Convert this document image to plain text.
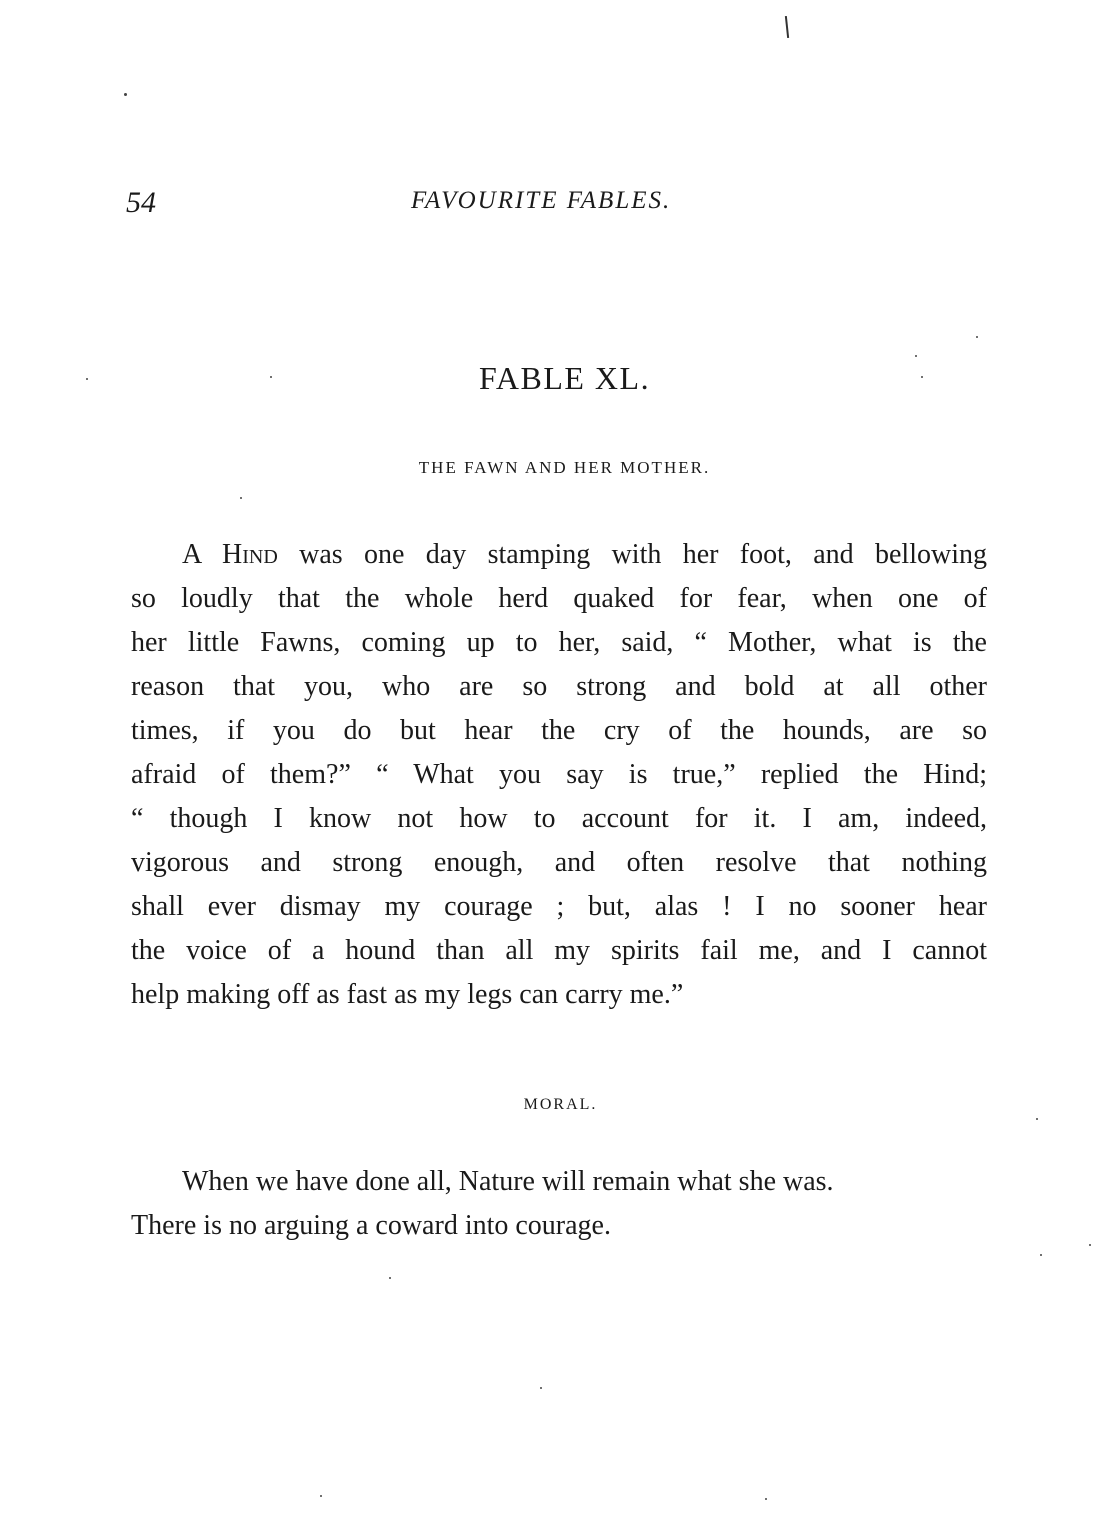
54	FAVOURITE FABLES.
FABLE XL.
THE FAWN AND HER MOTHER.

A Hind was one day stamping with her foot, and bellowing
so loudly that the whole herd quaked for fear, when one of
her little Fawns, coming up to her, said, “ Mother, what is the
reason that you, who are so strong and bold at all other
times, if you do but hear the cry of the hounds, are so
afraid of them?” “ What you say is true,” replied the Hind;
“ though I know not how to account for it. I am, indeed,
vigorous and strong enough, and often resolve that nothing
shall ever dismay my courage ; but, alas ! I no sooner hear
the voice of a hound than all my spirits fail me, and I cannot
help making off as fast as my legs can carry me.”

MORAL.

When we have done all, Nature will remain what she was.
There is no arguing a coward into courage.
